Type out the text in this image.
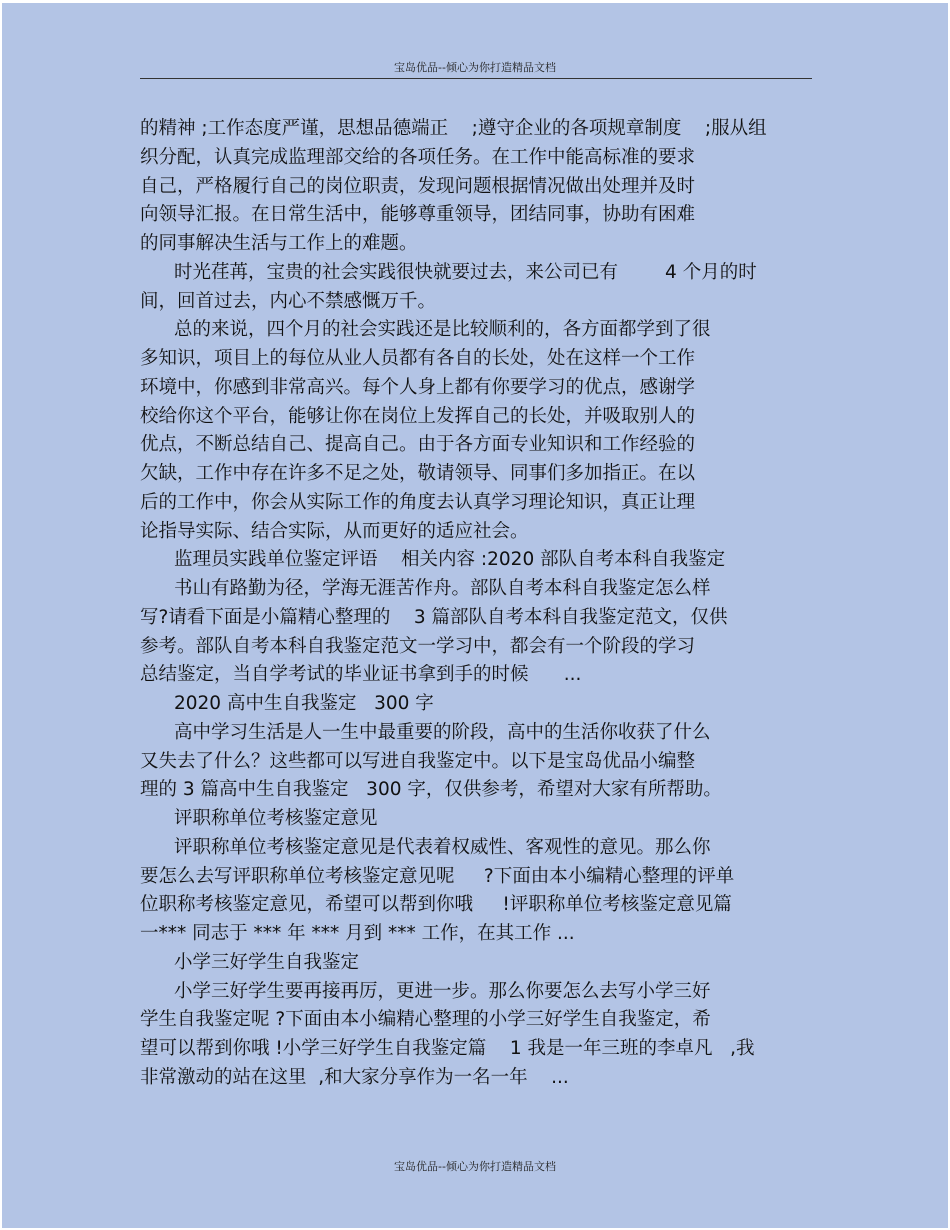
宝岛优品--倾心为你打造精品文档
的精神 ;工作态度严谨，思想品德端正    ;遵守企业的各项规章制度    ;服从组
织分配，认真完成监理部交给的各项任务。在工作中能高标准的要求
自己，严格履行自己的岗位职责，发现问题根据情况做出处理并及时
向领导汇报。在日常生活中，能够尊重领导，团结同事，协助有困难
的同事解决生活与工作上的难题。
时光荏苒，宝贵的社会实践很快就要过去，来公司已有        4 个月的时
间，回首过去，内心不禁感慨万千。
总的来说，四个月的社会实践还是比较顺利的，各方面都学到了很
多知识，项目上的每位从业人员都有各自的长处，处在这样一个工作
环境中，你感到非常高兴。每个人身上都有你要学习的优点，感谢学
校给你这个平台，能够让你在岗位上发挥自己的长处，并吸取别人的
优点，不断总结自己、提高自己。由于各方面专业知识和工作经验的
欠缺，工作中存在许多不足之处，敬请领导、同事们多加指正。在以
后的工作中，你会从实际工作的角度去认真学习理论知识，真正让理
论指导实际、结合实际，从而更好的适应社会。
监理员实践单位鉴定评语    相关内容 :2020 部队自考本科自我鉴定
书山有路勤为径，学海无涯苦作舟。部队自考本科自我鉴定怎么样
写?请看下面是小篇精心整理的    3 篇部队自考本科自我鉴定范文，仅供
参考。部队自考本科自我鉴定范文一学习中，都会有一个阶段的学习
总结鉴定，当自学考试的毕业证书拿到手的时候      ...
2020 高中生自我鉴定   300 字
高中学习生活是人一生中最重要的阶段，高中的生活你收获了什么
又失去了什么？这些都可以写进自我鉴定中。以下是宝岛优品小编整
理的 3 篇高中生自我鉴定   300 字，仅供参考，希望对大家有所帮助。
评职称单位考核鉴定意见
评职称单位考核鉴定意见是代表着权威性、客观性的意见。那么你
要怎么去写评职称单位考核鉴定意见呢     ?下面由本小编精心整理的评单
位职称考核鉴定意见，希望可以帮到你哦     !评职称单位考核鉴定意见篇
一*** 同志于 *** 年 *** 月到 *** 工作，在其工作 ...
小学三好学生自我鉴定
小学三好学生要再接再厉，更进一步。那么你要怎么去写小学三好
学生自我鉴定呢 ?下面由本小编精心整理的小学三好学生自我鉴定，希
望可以帮到你哦 !小学三好学生自我鉴定篇    1 我是一年三班的李卓凡   ,我
非常激动的站在这里  ,和大家分享作为一名一年    ...
宝岛优品--倾心为你打造精品文档
